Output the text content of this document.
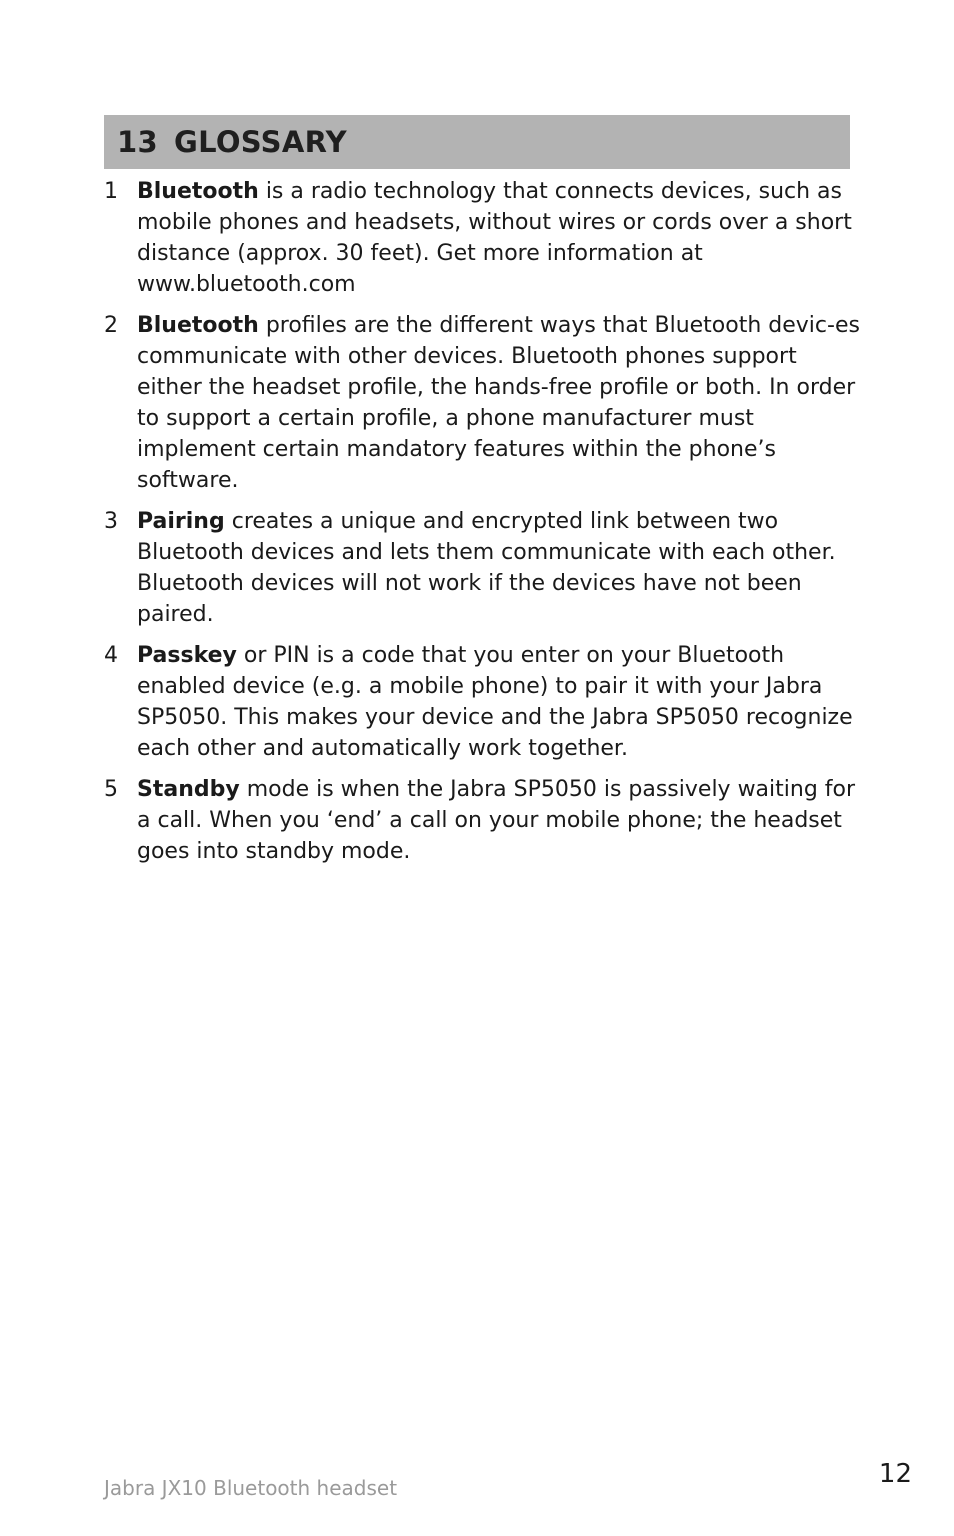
13 GLOSSARY
1 Bluetooth is a radio technology that connects devices, such as mobile phones and headsets, without wires or cords over a short distance (approx. 30 feet). Get more information at www.bluetooth.com
2 Bluetooth profiles are the different ways that Bluetooth devic-es communicate with other devices. Bluetooth phones support either the headset profile, the hands-free profile or both. In order to support a certain profile, a phone manufacturer must implement certain mandatory features within the phone’s software.
3 Pairing creates a unique and encrypted link between two Bluetooth devices and lets them communicate with each other. Bluetooth devices will not work if the devices have not been paired.
4 Passkey or PIN is a code that you enter on your Bluetooth enabled device (e.g. a mobile phone) to pair it with your Jabra SP5050. This makes your device and the Jabra SP5050 recognize each other and automatically work together.
5 Standby mode is when the Jabra SP5050 is passively waiting for a call. When you ‘end’ a call on your mobile phone; the headset goes into standby mode.
Jabra JX10 Bluetooth headset	12
